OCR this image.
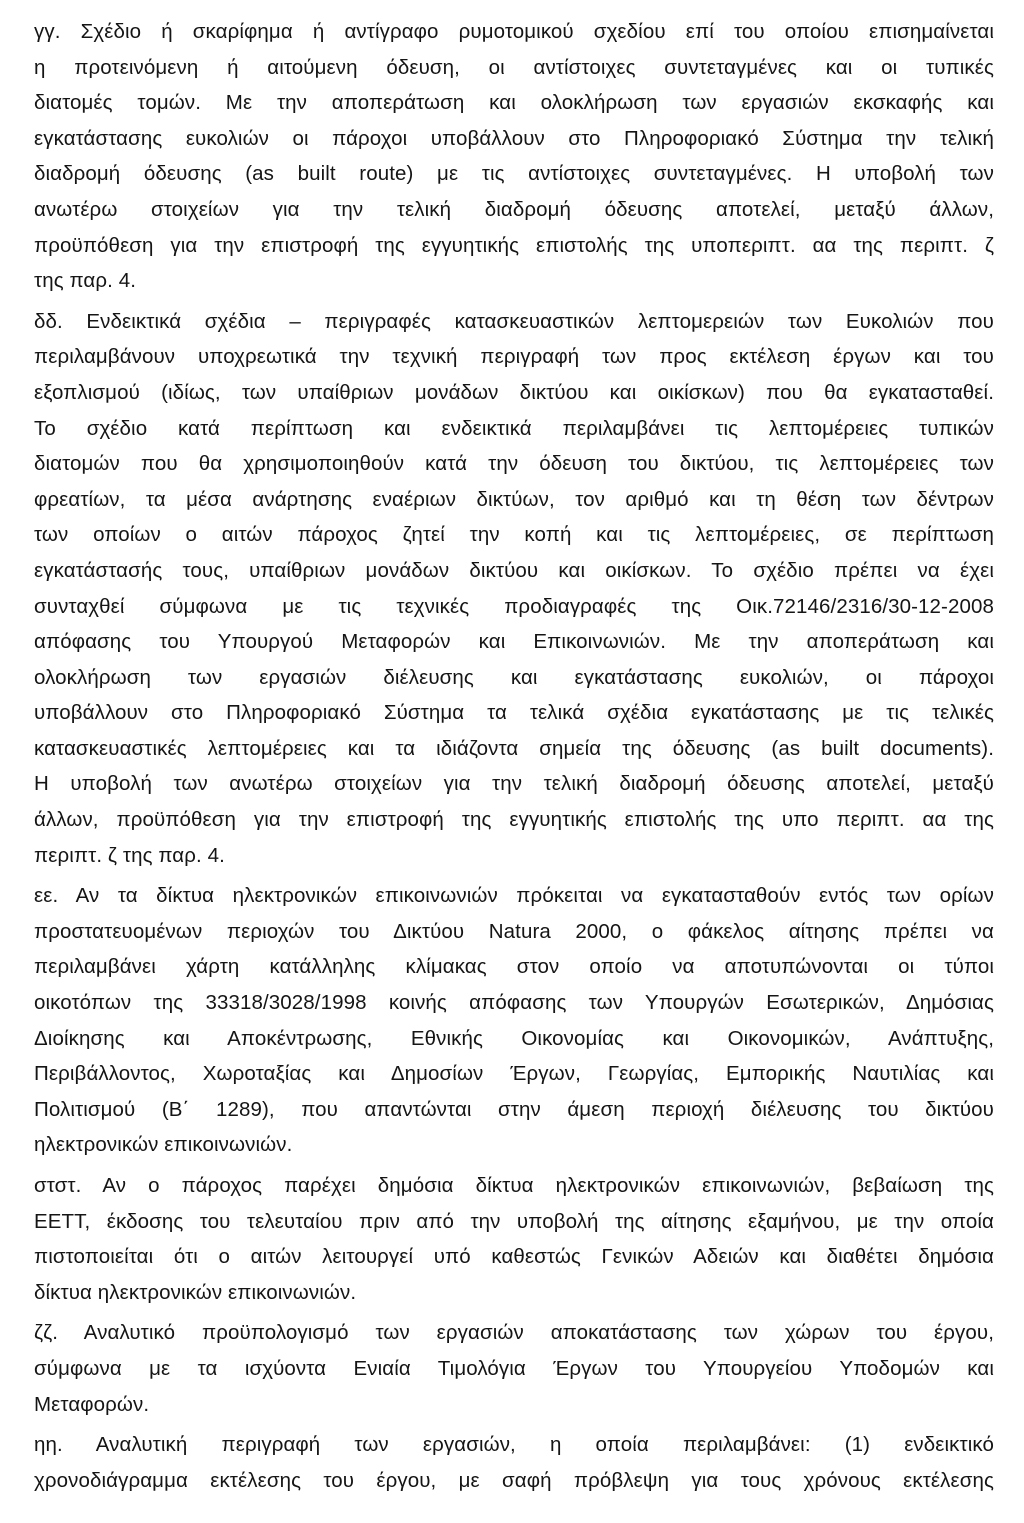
γγ. Σχέδιο ή σκαρίφημα ή αντίγραφο ρυμοτομικού σχεδίου επί του οποίου επισημαίνεται
η προτεινόμενη ή αιτούμενη όδευση, οι αντίστοιχες συντεταγμένες και οι τυπικές
διατομές τομών. Με την αποπεράτωση και ολοκλήρωση των εργασιών εκσκαφής και
εγκατάστασης ευκολιών οι πάροχοι υποβάλλουν στο Πληροφοριακό Σύστημα την τελική
διαδρομή όδευσης (as built route) με τις αντίστοιχες συντεταγμένες. Η υποβολή των
ανωτέρω στοιχείων για την τελική διαδρομή όδευσης αποτελεί, μεταξύ άλλων,
προϋπόθεση για την επιστροφή της εγγυητικής επιστολής της υποπεριπτ. αα της περιπτ. ζ
της παρ. 4.
δδ. Ενδεικτικά σχέδια – περιγραφές κατασκευαστικών λεπτομερειών των Ευκολιών που
περιλαμβάνουν υποχρεωτικά την τεχνική περιγραφή των προς εκτέλεση έργων και του
εξοπλισμού (ιδίως, των υπαίθριων μονάδων δικτύου και οικίσκων) που θα εγκατασταθεί.
Το σχέδιο κατά περίπτωση και ενδεικτικά περιλαμβάνει τις λεπτομέρειες τυπικών
διατομών που θα χρησιμοποιηθούν κατά την όδευση του δικτύου, τις λεπτομέρειες των
φρεατίων, τα μέσα ανάρτησης εναέριων δικτύων, τον αριθμό και τη θέση των δέντρων
των οποίων ο αιτών πάροχος ζητεί την κοπή και τις λεπτομέρειες, σε περίπτωση
εγκατάστασής τους, υπαίθριων μονάδων δικτύου και οικίσκων. Το σχέδιο πρέπει να έχει
συνταχθεί σύμφωνα με τις τεχνικές προδιαγραφές της Οικ.72146/2316/30-12-2008
απόφασης του Υπουργού Μεταφορών και Επικοινωνιών. Με την αποπεράτωση και
ολοκλήρωση των εργασιών διέλευσης και εγκατάστασης ευκολιών, οι πάροχοι
υποβάλλουν στο Πληροφοριακό Σύστημα τα τελικά σχέδια εγκατάστασης με τις τελικές
κατασκευαστικές λεπτομέρειες και τα ιδιάζοντα σημεία της όδευσης (as built documents).
Η υποβολή των ανωτέρω στοιχείων για την τελική διαδρομή όδευσης αποτελεί, μεταξύ
άλλων, προϋπόθεση για την επιστροφή της εγγυητικής επιστολής της υπο περιπτ. αα της
περιπτ. ζ της παρ. 4.
εε. Αν τα δίκτυα ηλεκτρονικών επικοινωνιών πρόκειται να εγκατασταθούν εντός των ορίων
προστατευομένων περιοχών του Δικτύου Natura 2000, ο φάκελος αίτησης πρέπει να
περιλαμβάνει χάρτη κατάλληλης κλίμακας στον οποίο να αποτυπώνονται οι τύποι
οικοτόπων της 33318/3028/1998 κοινής απόφασης των Υπουργών Εσωτερικών, Δημόσιας
Διοίκησης και Αποκέντρωσης, Εθνικής Οικονομίας και Οικονομικών, Ανάπτυξης,
Περιβάλλοντος, Χωροταξίας και Δημοσίων Έργων, Γεωργίας, Εμπορικής Ναυτιλίας και
Πολιτισμού (Β΄ 1289), που απαντώνται στην άμεση περιοχή διέλευσης του δικτύου
ηλεκτρονικών επικοινωνιών.
στστ. Αν ο πάροχος παρέχει δημόσια δίκτυα ηλεκτρονικών επικοινωνιών, βεβαίωση της
ΕΕΤΤ, έκδοσης του τελευταίου πριν από την υποβολή της αίτησης εξαμήνου, με την οποία
πιστοποιείται ότι ο αιτών λειτουργεί υπό καθεστώς Γενικών Αδειών και διαθέτει δημόσια
δίκτυα ηλεκτρονικών επικοινωνιών.
ζζ. Αναλυτικό προϋπολογισμό των εργασιών αποκατάστασης των χώρων του έργου,
σύμφωνα με τα ισχύοντα Ενιαία Τιμολόγια Έργων του Υπουργείου Υποδομών και
Μεταφορών.
ηη. Αναλυτική περιγραφή των εργασιών, η οποία περιλαμβάνει: (1) ενδεικτικό
χρονοδιάγραμμα εκτέλεσης του έργου, με σαφή πρόβλεψη για τους χρόνους εκτέλεσης
